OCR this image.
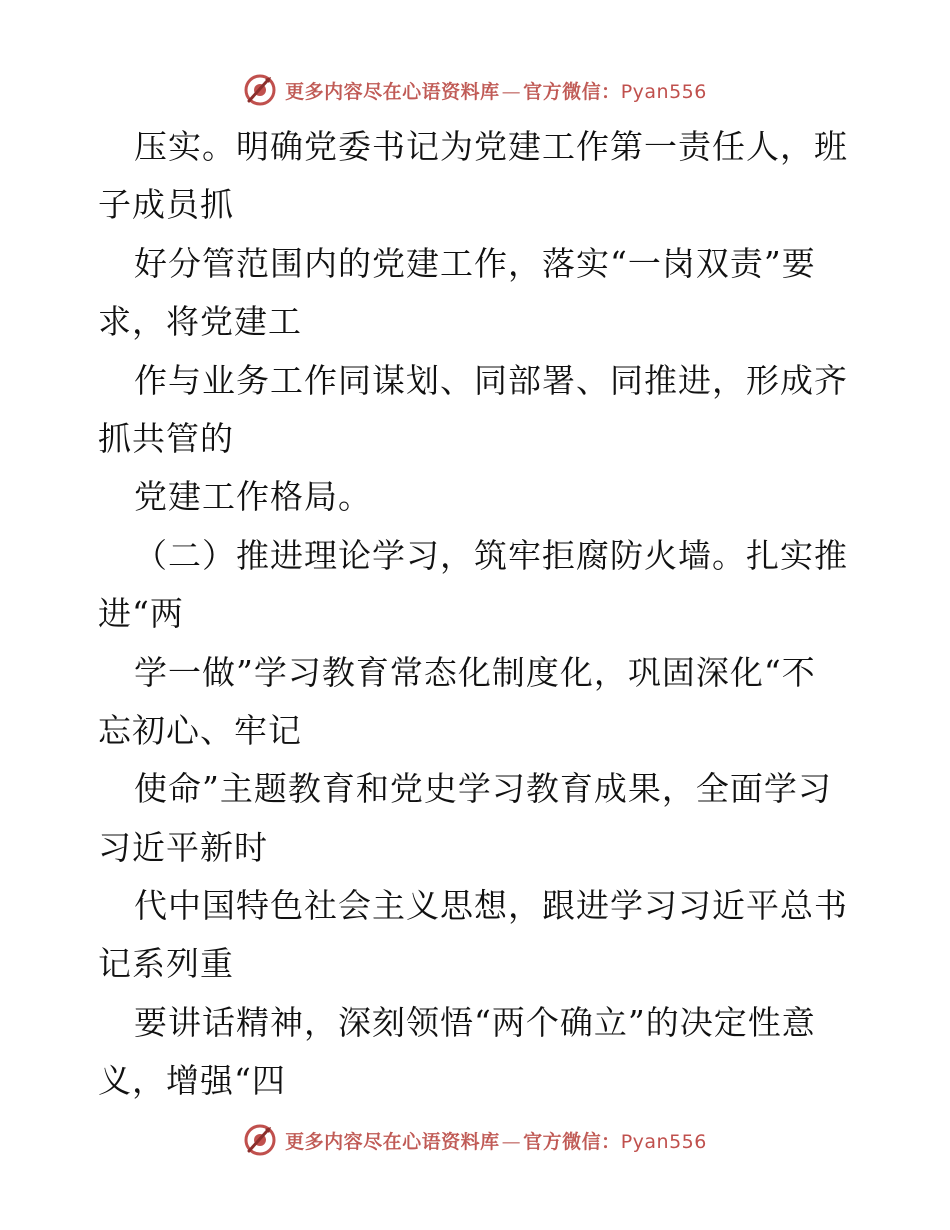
更多内容尽在心语资料库 — 官方微信：Pyan556
压实。明确党委书记为党建工作第一责任人，班
子成员抓
好分管范围内的党建工作，落实“一岗双责”要
求，将党建工
作与业务工作同谋划、同部署、同推进，形成齐
抓共管的
党建工作格局。
（二）推进理论学习，筑牢拒腐防火墙。扎实推
进“两
学一做”学习教育常态化制度化，巩固深化“不
忘初心、牢记
使命”主题教育和党史学习教育成果，全面学习
习近平新时
代中国特色社会主义思想，跟进学习习近平总书
记系列重
要讲话精神，深刻领悟“两个确立”的决定性意
义，增强“四
更多内容尽在心语资料库 — 官方微信：Pyan556
